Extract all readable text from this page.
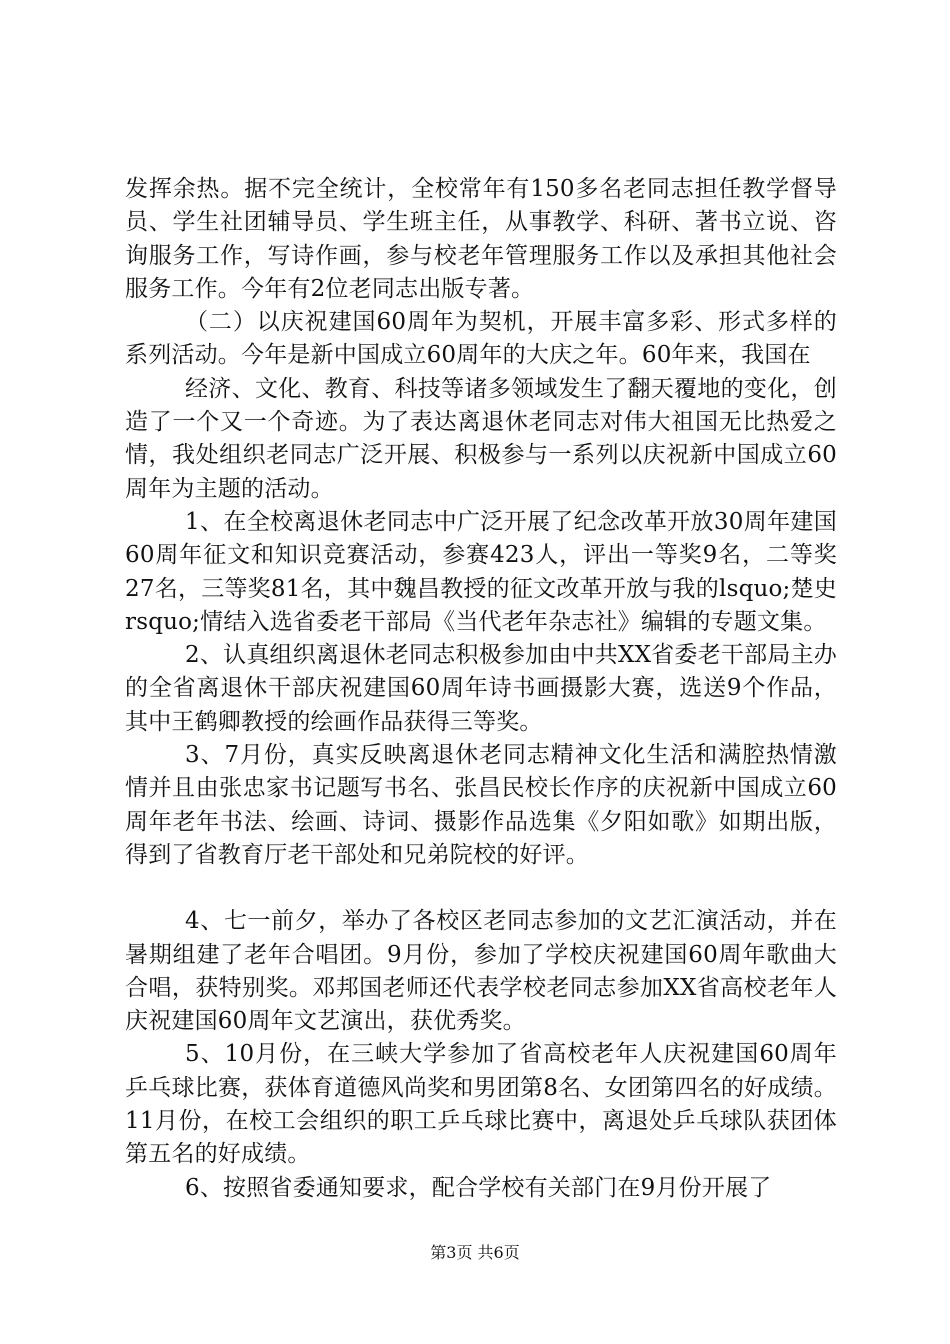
发挥余热。据不完全统计，全校常年有150多名老同志担任教学督导员、学生社团辅导员、学生班主任，从事教学、科研、著书立说、咨询服务工作，写诗作画，参与校老年管理服务工作以及承担其他社会服务工作。今年有2位老同志出版专著。

（二）以庆祝建国60周年为契机，开展丰富多彩、形式多样的系列活动。今年是新中国成立60周年的大庆之年。60年来，我国在

经济、文化、教育、科技等诸多领域发生了翻天覆地的变化，创造了一个又一个奇迹。为了表达离退休老同志对伟大祖国无比热爱之情，我处组织老同志广泛开展、积极参与一系列以庆祝新中国成立60周年为主题的活动。

1、在全校离退休老同志中广泛开展了纪念改革开放30周年建国60周年征文和知识竞赛活动，参赛423人，评出一等奖9名，二等奖27名，三等奖81名，其中魏昌教授的征文改革开放与我的lsquo;楚史rsquo;情结入选省委老干部局《当代老年杂志社》编辑的专题文集。

2、认真组织离退休老同志积极参加由中共XX省委老干部局主办的全省离退休干部庆祝建国60周年诗书画摄影大赛，选送9个作品，其中王鹤卿教授的绘画作品获得三等奖。

3、7月份，真实反映离退休老同志精神文化生活和满腔热情激情并且由张忠家书记题写书名、张昌民校长作序的庆祝新中国成立60周年老年书法、绘画、诗词、摄影作品选集《夕阳如歌》如期出版，得到了省教育厅老干部处和兄弟院校的好评。

4、七一前夕，举办了各校区老同志参加的文艺汇演活动，并在暑期组建了老年合唱团。9月份，参加了学校庆祝建国60周年歌曲大合唱，获特别奖。邓邦国老师还代表学校老同志参加XX省高校老年人庆祝建国60周年文艺演出，获优秀奖。

5、10月份，在三峡大学参加了省高校老年人庆祝建国60周年乒乓球比赛，获体育道德风尚奖和男团第8名、女团第四名的好成绩。11月份，在校工会组织的职工乒乓球比赛中，离退处乒乓球队获团体第五名的好成绩。

6、按照省委通知要求，配合学校有关部门在9月份开展了

第3页 共6页
